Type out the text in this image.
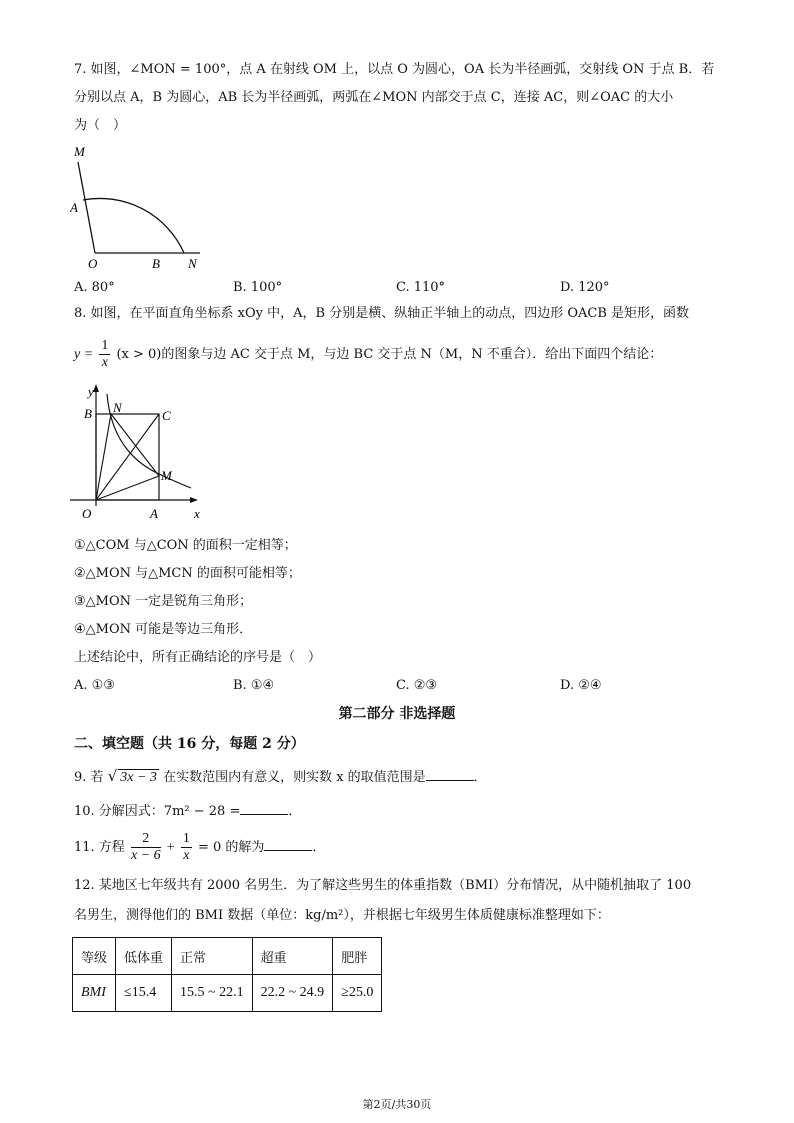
7. 如图，∠MON = 100°，点 A 在射线 OM 上，以点 O 为圆心，OA 长为半径画弧，交射线 ON 于点 B．若
分别以点 A，B 为圆心，AB 长为半径画弧，两弧在∠MON 内部交于点 C，连接 AC，则∠OAC 的大小
为（　）
M
A
O	B N
A. 80°	B. 100°	C. 110°	D. 120°
8. 如图，在平面直角坐标系 xOy 中，A，B 分别是横、纵轴正半轴上的动点，四边形 OACB 是矩形，函数
$y = \frac{1}{x} (x > 0)$的图象与边 AC 交于点 M，与边 BC 交于点 N（M，N 不重合）．给出下面四个结论：
y
B N
C
M
O	A	x
①△COM 与△CON 的面积一定相等；
②△MON 与△MCN 的面积可能相等；
③△MON 一定是锐角三角形；
④△MON 可能是等边三角形．
上述结论中，所有正确结论的序号是（　）
A. ①③	B. ①④	C. ②③	D. ②④
第二部分 非选择题
二、填空题（共 16 分，每题 2 分）
9. 若 √ 3x − 3 在实数范围内有意义，则实数 x 的取值范围是	．
10. 分解因式：7m² − 28 =	．
11. 方程 $\frac{2}{x - 6} + \frac{1}{x} = 0$ 的解为	．
12. 某地区七年级共有 2000 名男生．为了解这些男生的体重指数（BMI）分布情况，从中随机抽取了 100
名男生，测得他们的 BMI 数据（单位：kg/m²），并根据七年级男生体质健康标准整理如下：
等级	低体重	正常	超重	肥胖
BMI	≤15.4	15.5 ~ 22.1	22.2 ~ 24.9	≥25.0
第2页/共30页
